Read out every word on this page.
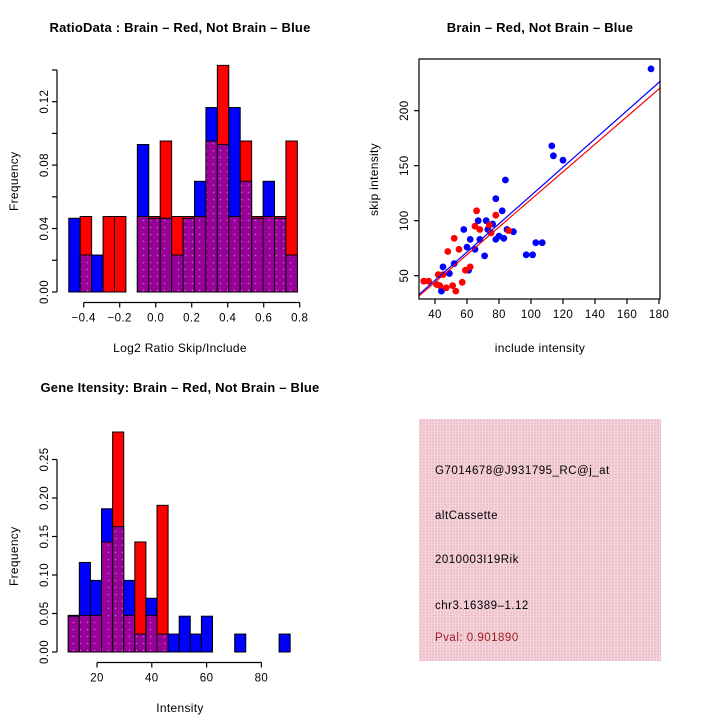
−0.4 −0.2 0.0 0.2 0.4 0.6 0.8
0.00
0.04
0.08
0.12
RatioData : Brain – Red, Not Brain – Blue
Log2 Ratio Skip/Include
Frequency
40 60 80 100 120 140 160 180
50
100
150
200
Brain – Red, Not Brain – Blue
include intensity
skip intensity
20	40	60	80
0.00
0.05
0.10
0.15
0.20
0.25
Gene Itensity: Brain – Red, Not Brain – Blue
Intensity
Frequency
G7014678@J931795_RC@j_at
altCassette
2010003I19Rik
chr3.16389–1.12
Pval: 0.901890
